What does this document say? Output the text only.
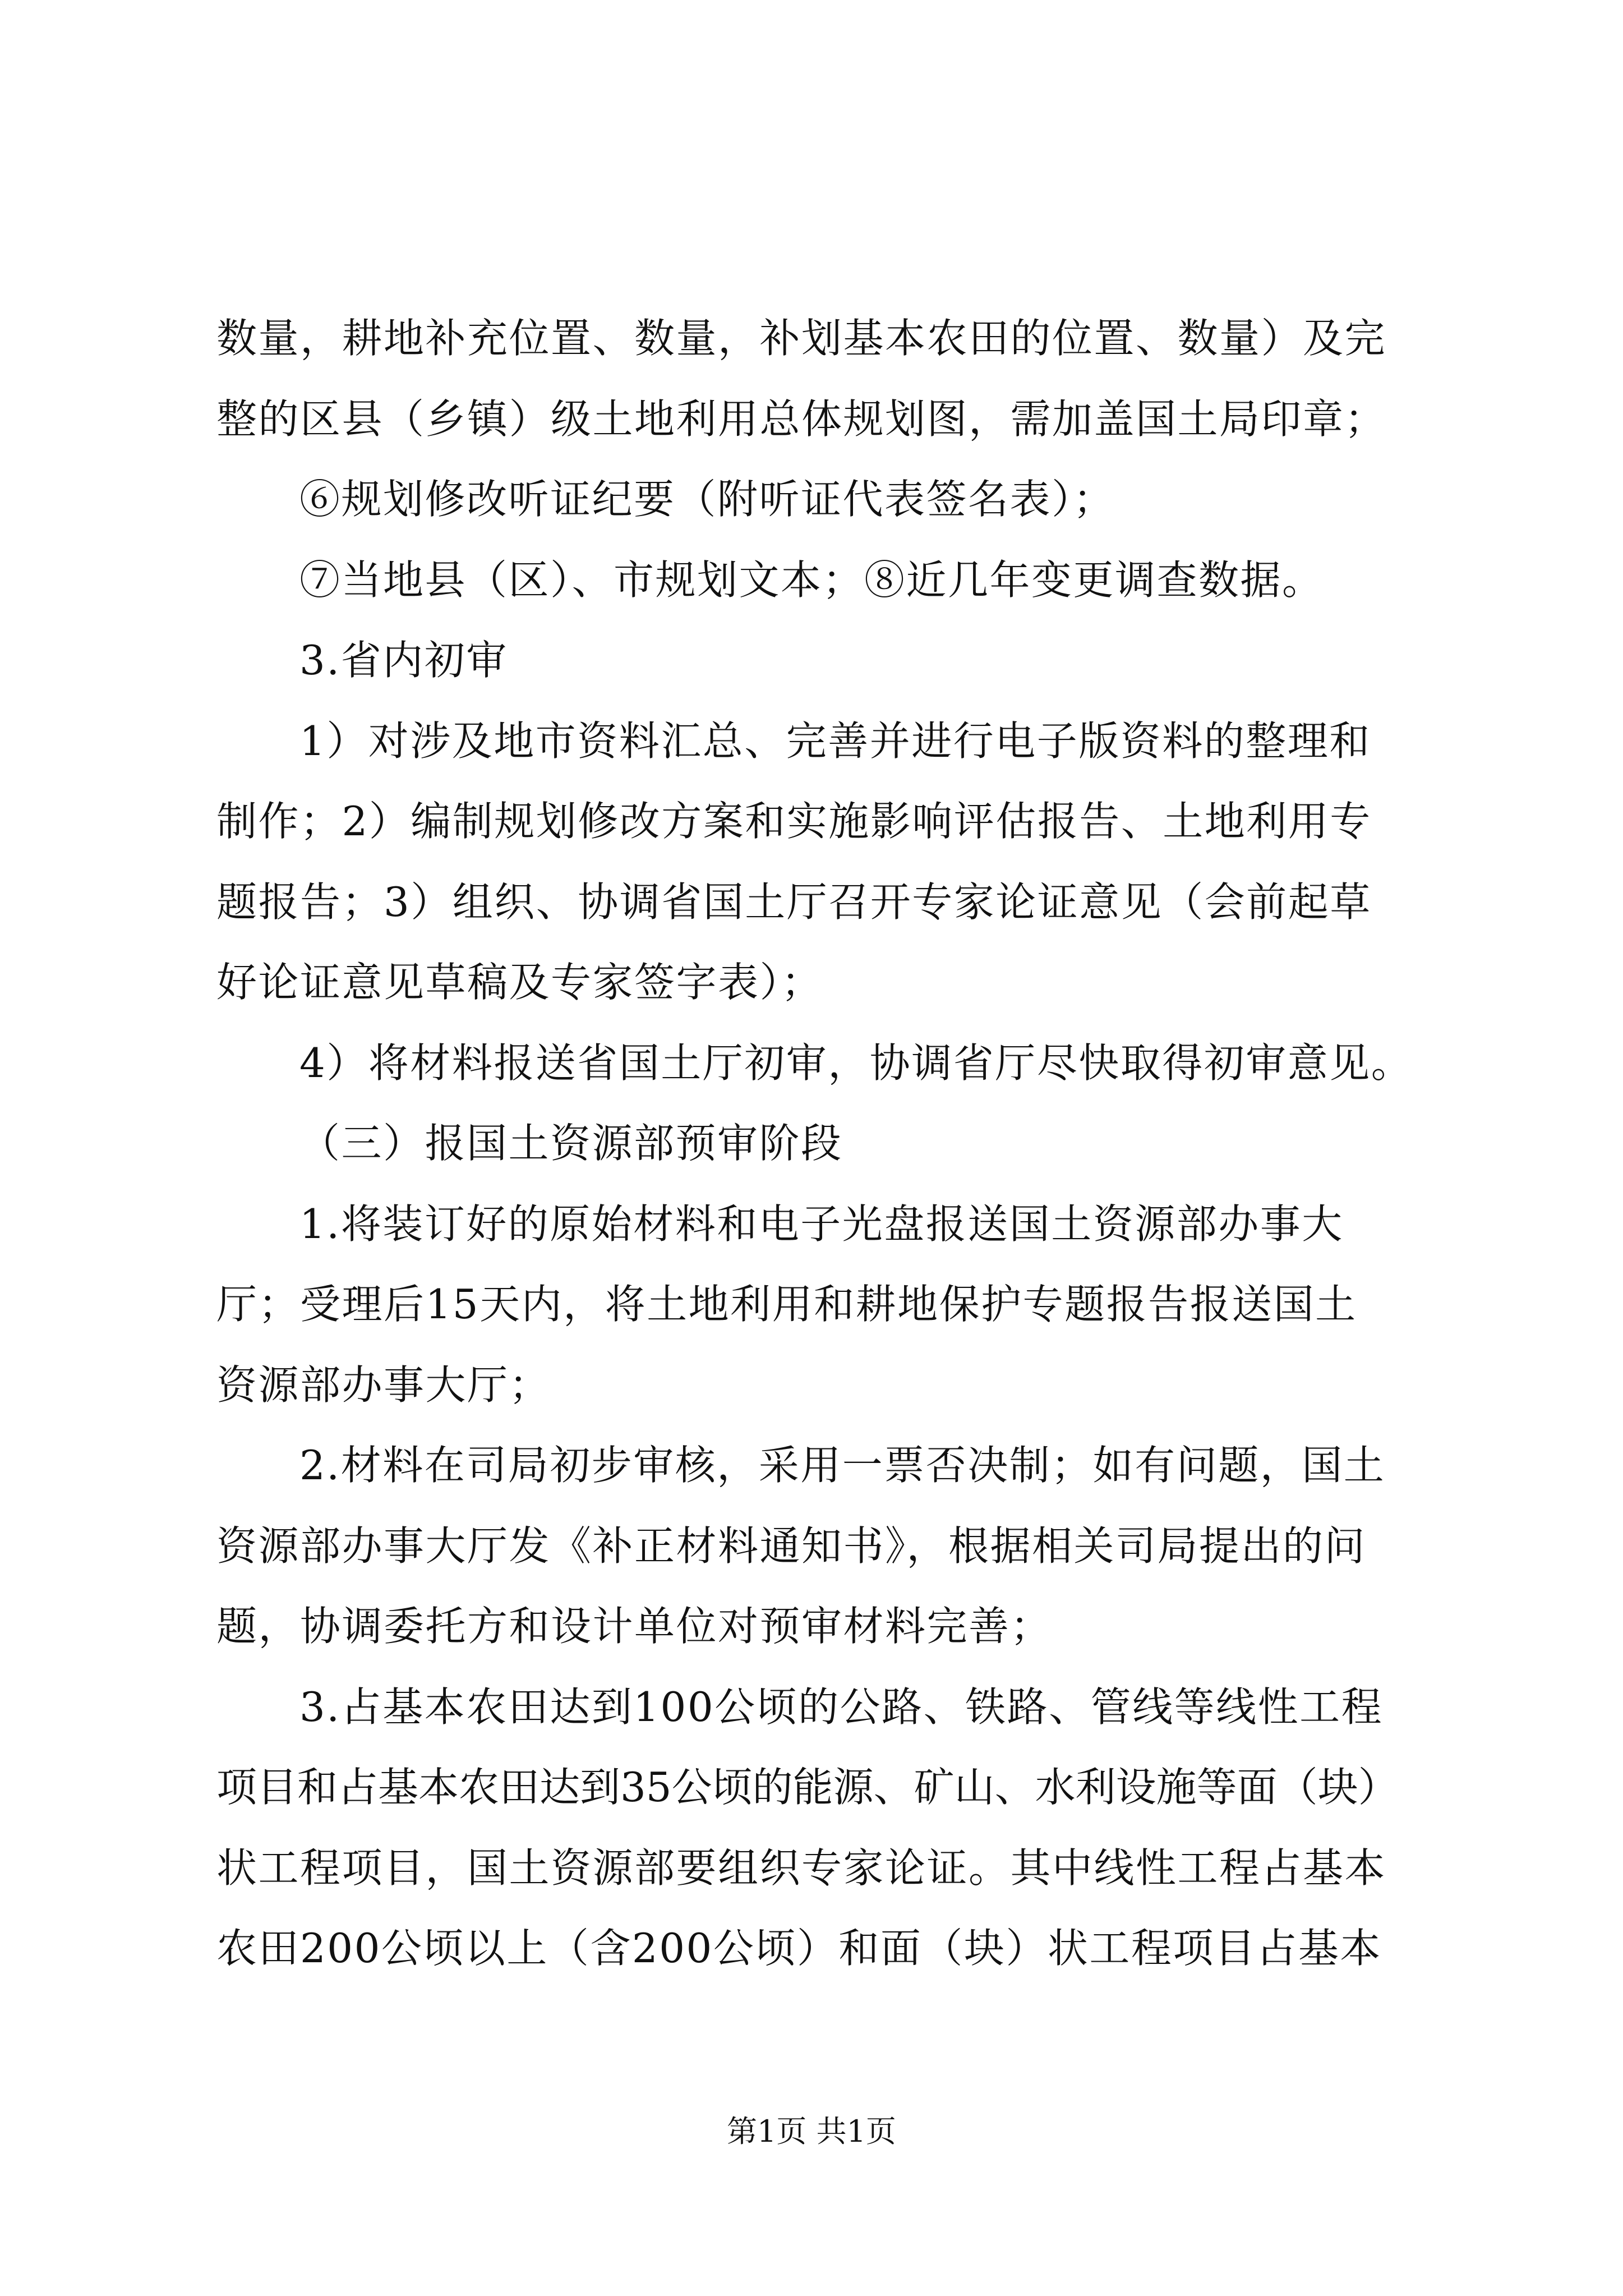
数量，耕地补充位置、数量，补划基本农田的位置、数量）及完
整的区县（乡镇）级土地利用总体规划图，需加盖国土局印章；
⑥规划修改听证纪要（附听证代表签名表）；
⑦当地县（区）、市规划文本；⑧近几年变更调查数据。
3.省内初审
1）对涉及地市资料汇总、完善并进行电子版资料的整理和
制作；2）编制规划修改方案和实施影响评估报告、土地利用专
题报告；3）组织、协调省国土厅召开专家论证意见（会前起草
好论证意见草稿及专家签字表）；
4）将材料报送省国土厅初审，协调省厅尽快取得初审意见。
（三）报国土资源部预审阶段
1.将装订好的原始材料和电子光盘报送国土资源部办事大
厅；受理后15天内，将土地利用和耕地保护专题报告报送国土
资源部办事大厅；
2.材料在司局初步审核，采用一票否决制；如有问题，国土
资源部办事大厅发《补正材料通知书》，根据相关司局提出的问
题，协调委托方和设计单位对预审材料完善；
3.占基本农田达到100公顷的公路、铁路、管线等线性工程
项目和占基本农田达到35公顷的能源、矿山、水利设施等面（块）
状工程项目，国土资源部要组织专家论证。其中线性工程占基本
农田200公顷以上（含200公顷）和面（块）状工程项目占基本
第1页 共1页
